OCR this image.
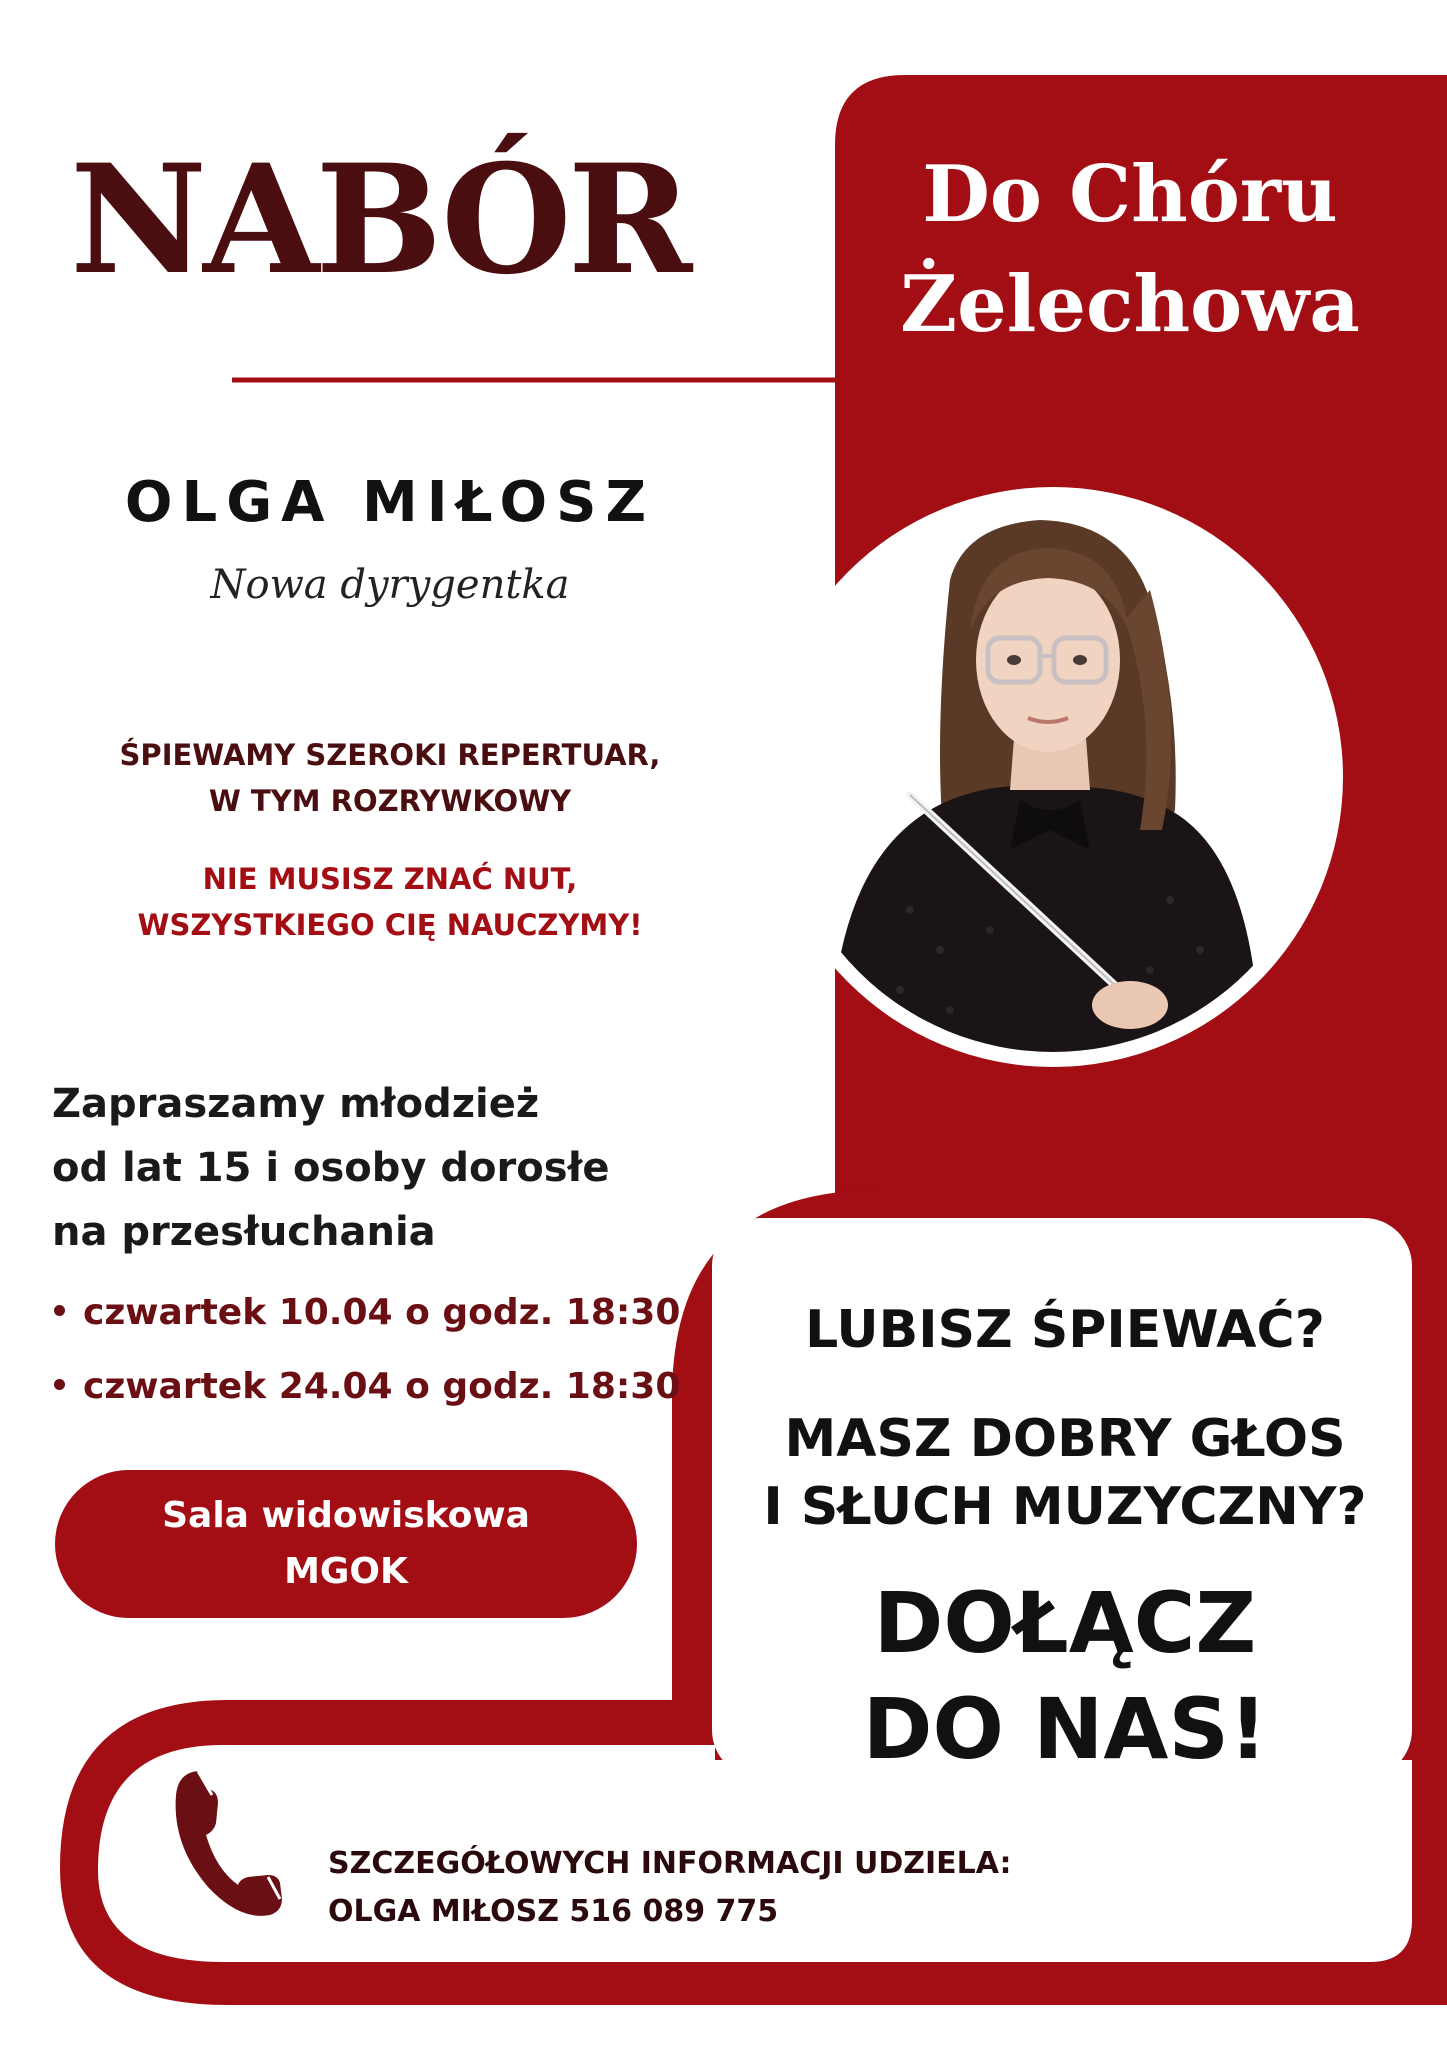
NABÓR	Do Chóru
Żelechowa
OLGA MIŁOSZ
Nowa dyrygentka
ŚPIEWAMY SZEROKI REPERTUAR,
W TYM ROZRYWKOWY
NIE MUSISZ ZNAĆ NUT,
WSZYSTKIEGO CIĘ NAUCZYMY!
Zapraszamy młodzież
od lat 15 i osoby dorosłe
na przesłuchania
czwartek 10.04 o godz. 18:30
czwartek 24.04 o godz. 18:30
Sala widowiskowa
MGOK
LUBISZ ŚPIEWAĆ?
MASZ DOBRY GŁOS
I SŁUCH MUZYCZNY?
DOŁĄCZ
DO NAS!
SZCZEGÓŁOWYCH INFORMACJI UDZIELA:
OLGA MIŁOSZ 516 089 775
